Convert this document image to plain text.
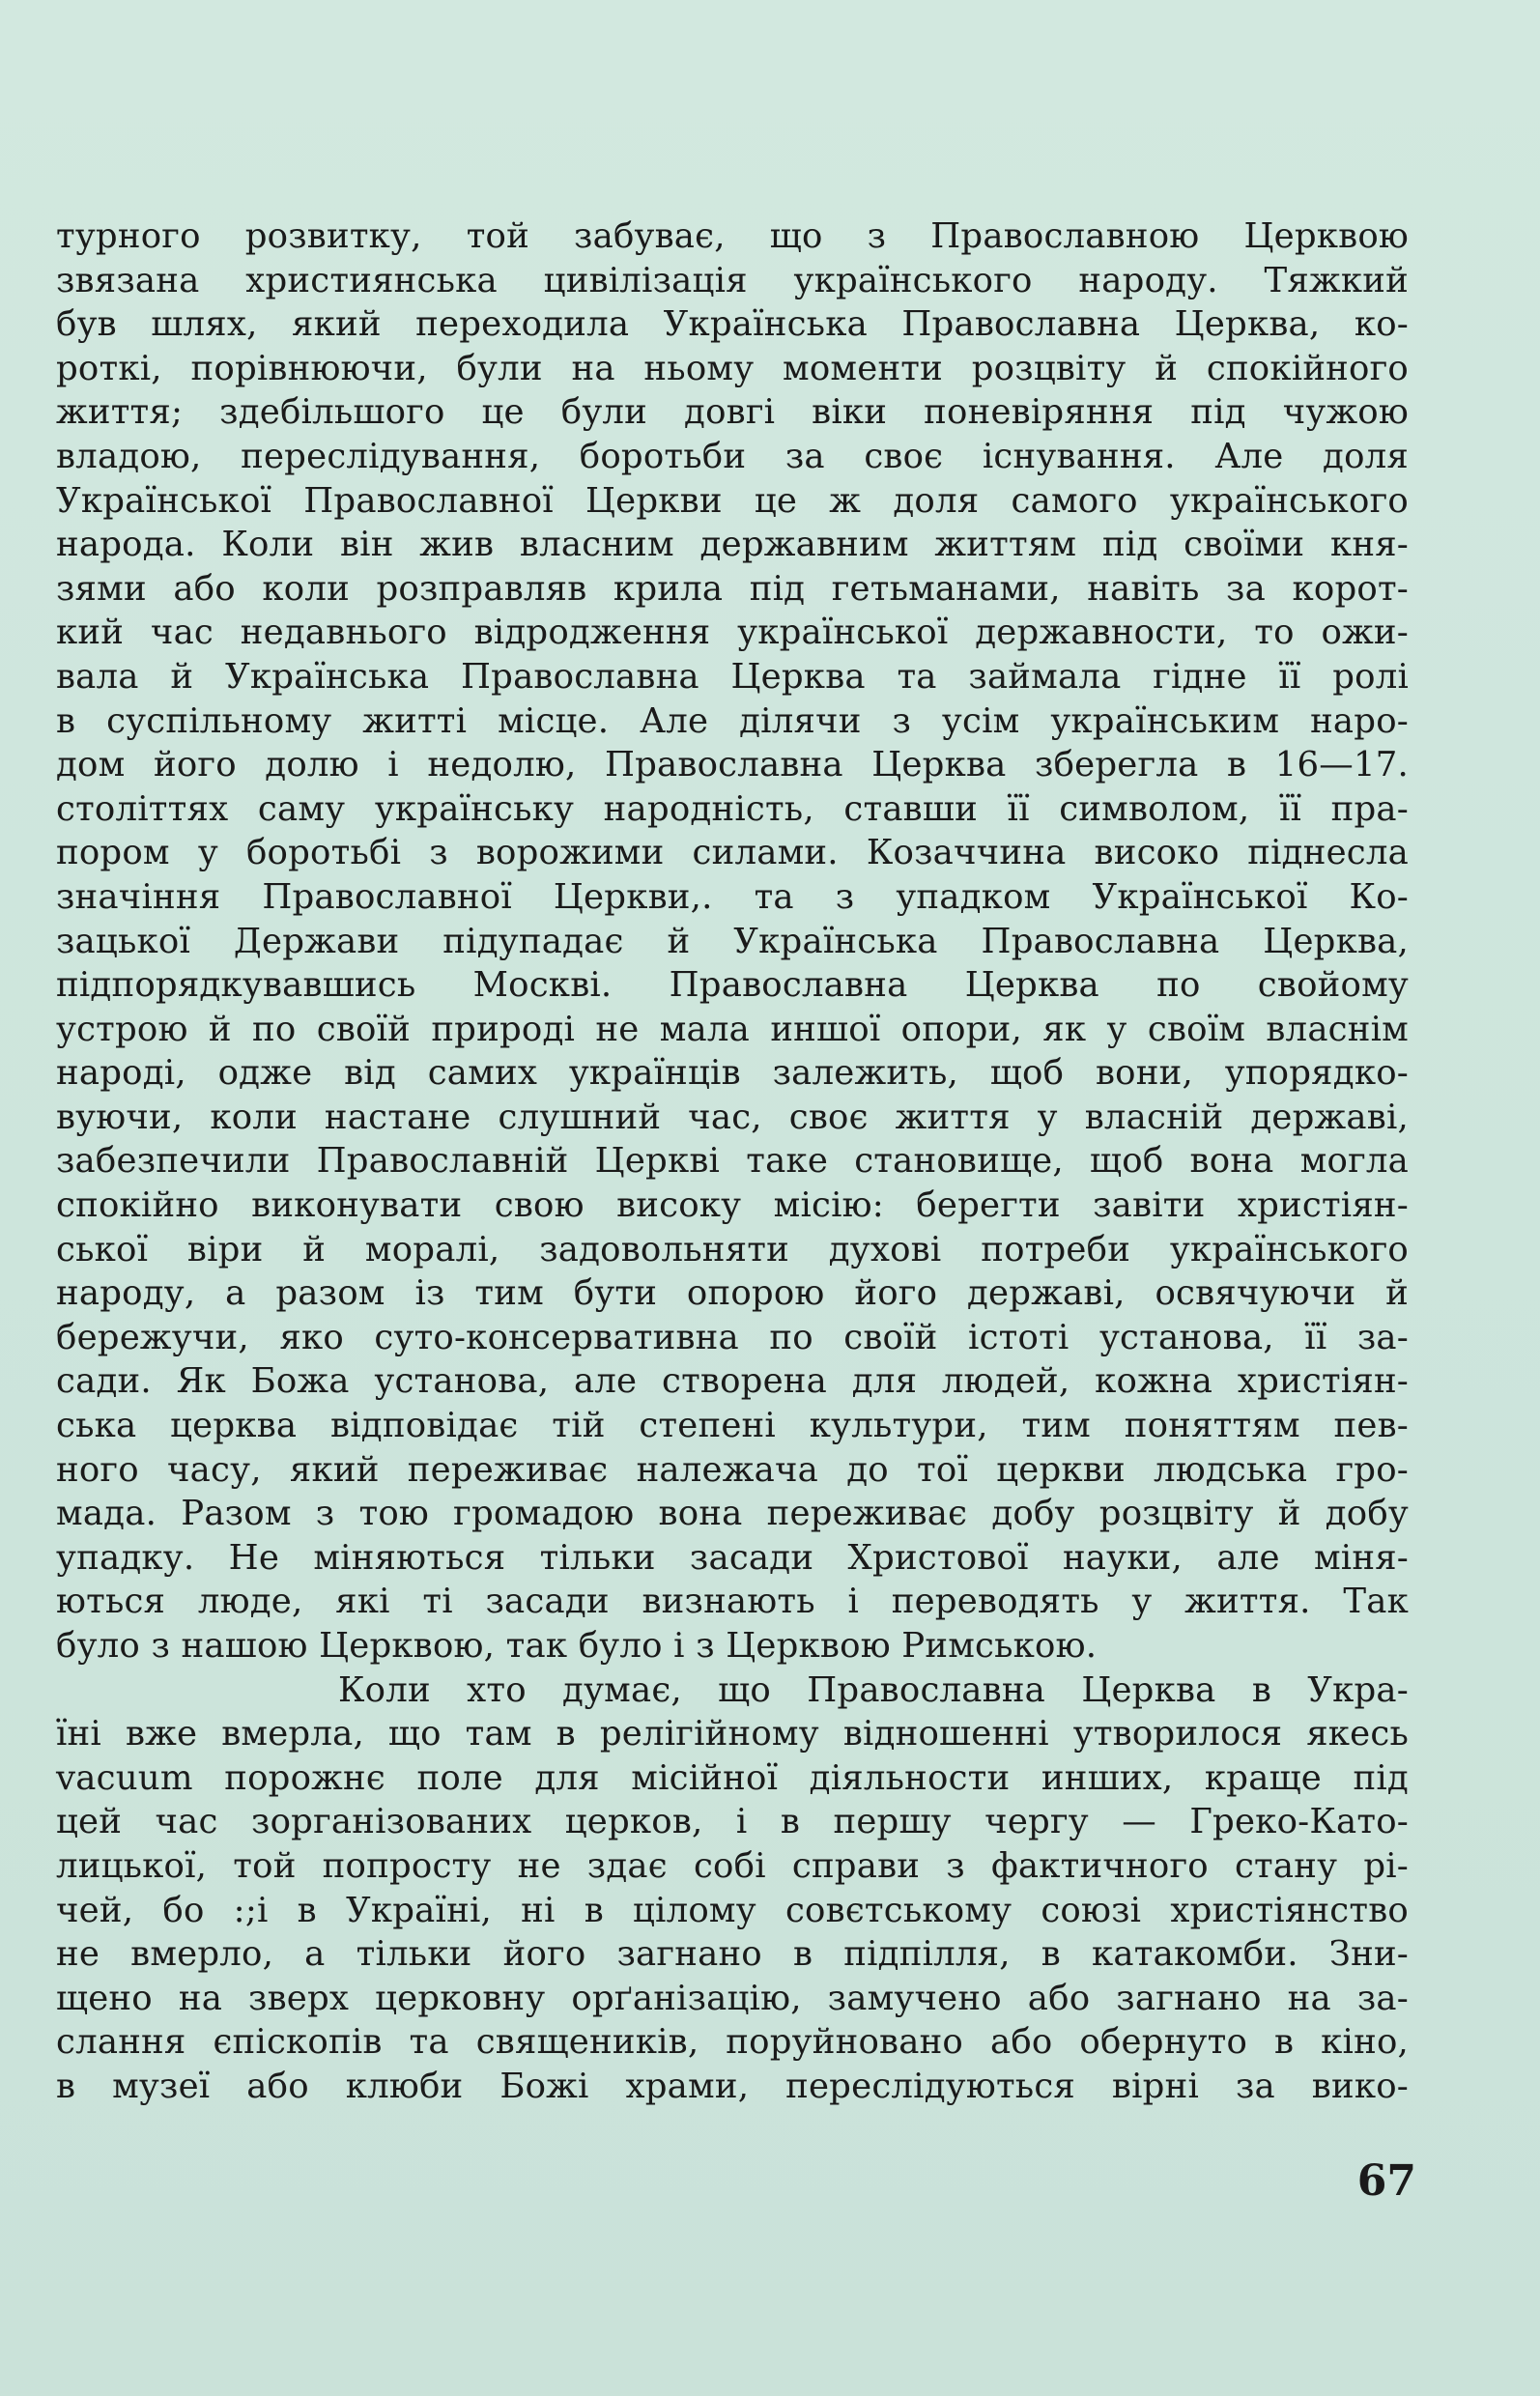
турного розвитку, той забуває, що з Православною Церквою
звязана християнська цивілізація українського народу. Тяжкий
був шлях, який переходила Українська Православна Церква, ко-
роткі, порівнюючи, були на ньому моменти розцвіту й спокійного
життя; здебільшого це були довгі віки поневіряння під чужою
владою, переслідування, боротьби за своє існування. Але доля
Української Православної Церкви це ж доля самого українського
народа. Коли він жив власним державним життям під своїми кня-
зями або коли розправляв крила під гетьманами, навіть за корот-
кий час недавнього відродження української державности, то ожи-
вала й Українська Православна Церква та займала гідне її ролі
в суспільному житті місце. Але ділячи з усім українським наро-
дом його долю і недолю, Православна Церква зберегла в 16—17.
століттях саму українську народність, ставши її символом, її пра-
пором у боротьбі з ворожими силами. Козаччина високо піднесла
значіння Православної Церкви,. та з упадком Української Ко-
зацької Держави підупадає й Українська Православна Церква,
підпорядкувавшись Москві. Православна Церква по свойому
устрою й по своїй природі не мала иншої опори, як у своїм власнім
народі, одже від самих українців залежить, щоб вони, упорядко-
вуючи, коли настане слушний час, своє життя у власній державі,
забезпечили Православній Церкві таке становище, щоб вона могла
спокійно виконувати свою високу місію: берегти завіти христіян-
ської віри й моралі, задовольняти духові потреби українського
народу, а разом із тим бути опорою його державі, освячуючи й
бережучи, яко суто-консервативна по своїй істоті установа, її за-
сади. Як Божа установа, але створена для людей, кожна христіян-
ська церква відповідає тій степені культури, тим поняттям пев-
ного часу, який переживає належача до тої церкви людська гро-
мада. Разом з тою громадою вона переживає добу розцвіту й добу
упадку. Не міняються тільки засади Христової науки, але міня-
ються люде, які ті засади визнають і переводять у життя. Так
було з нашою Церквою, так було і з Церквою Римською.
Коли хто думає, що Православна Церква в Укра-
їні вже вмерла, що там в релігійному відношенні утворилося якесь
vacuum порожнє поле для місійної діяльности инших, краще під
цей час зорганізованих церков, і в першу чергу — Греко-Като-
лицької, той попросту не здає собі справи з фактичного стану рі-
чей, бо :;і в Україні, ні в цілому совєтському союзі христіянство
не вмерло, а тільки його загнано в підпілля, в катакомби. Зни-
щено на зверх церковну орґанізацію, замучено або загнано на за-
слання єпіскопів та священиків, поруйновано або обернуто в кіно,
в музеї або клюби Божі храми, переслідуються вірні за вико-
67
